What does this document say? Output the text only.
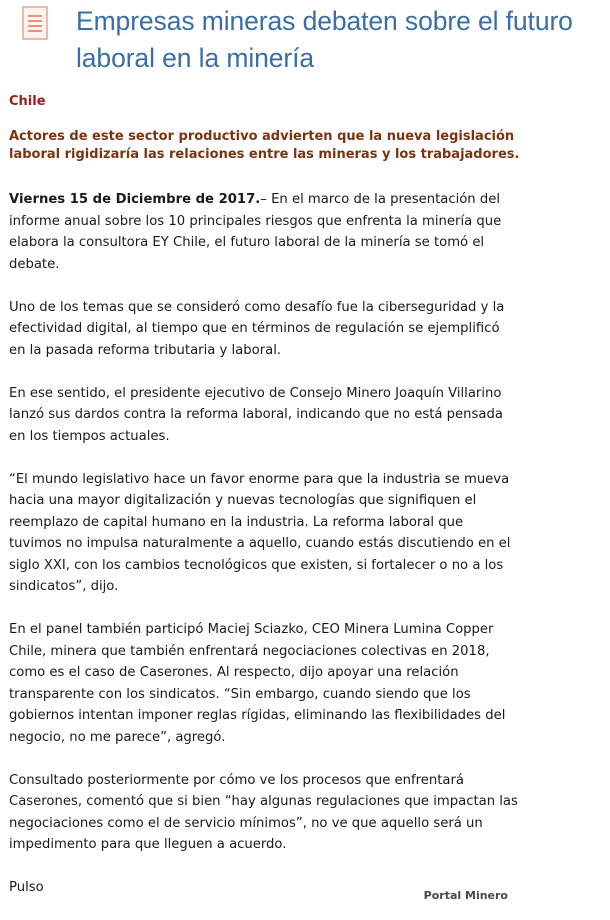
Empresas mineras debaten sobre el futuro laboral en la minería

Chile

Actores de este sector productivo advierten que la nueva legislación laboral rigidizaría las relaciones entre las mineras y los trabajadores.

Viernes 15 de Diciembre de 2017.– En el marco de la presentación del informe anual sobre los 10 principales riesgos que enfrenta la minería que elabora la consultora EY Chile, el futuro laboral de la minería se tomó el debate.

Uno de los temas que se consideró como desafío fue la ciberseguridad y la efectividad digital, al tiempo que en términos de regulación se ejemplificó en la pasada reforma tributaria y laboral.

En ese sentido, el presidente ejecutivo de Consejo Minero Joaquín Villarino lanzó sus dardos contra la reforma laboral, indicando que no está pensada en los tiempos actuales.

“El mundo legislativo hace un favor enorme para que la industria se mueva hacia una mayor digitalización y nuevas tecnologías que signifiquen el reemplazo de capital humano en la industria. La reforma laboral que tuvimos no impulsa naturalmente a aquello, cuando estás discutiendo en el siglo XXI, con los cambios tecnológicos que existen, si fortalecer o no a los sindicatos”, dijo.

En el panel también participó Maciej Sciazko, CEO Minera Lumina Copper Chile, minera que también enfrentará negociaciones colectivas en 2018, como es el caso de Caserones. Al respecto, dijo apoyar una relación transparente con los sindicatos. “Sin embargo, cuando siendo que los gobiernos intentan imponer reglas rígidas, eliminando las flexibilidades del negocio, no me parece”, agregó.

Consultado posteriormente por cómo ve los procesos que enfrentará Caserones, comentó que si bien “hay algunas regulaciones que impactan las negociaciones como el de servicio mínimos”, no ve que aquello será un impedimento para que lleguen a acuerdo.

Pulso

Portal Minero
